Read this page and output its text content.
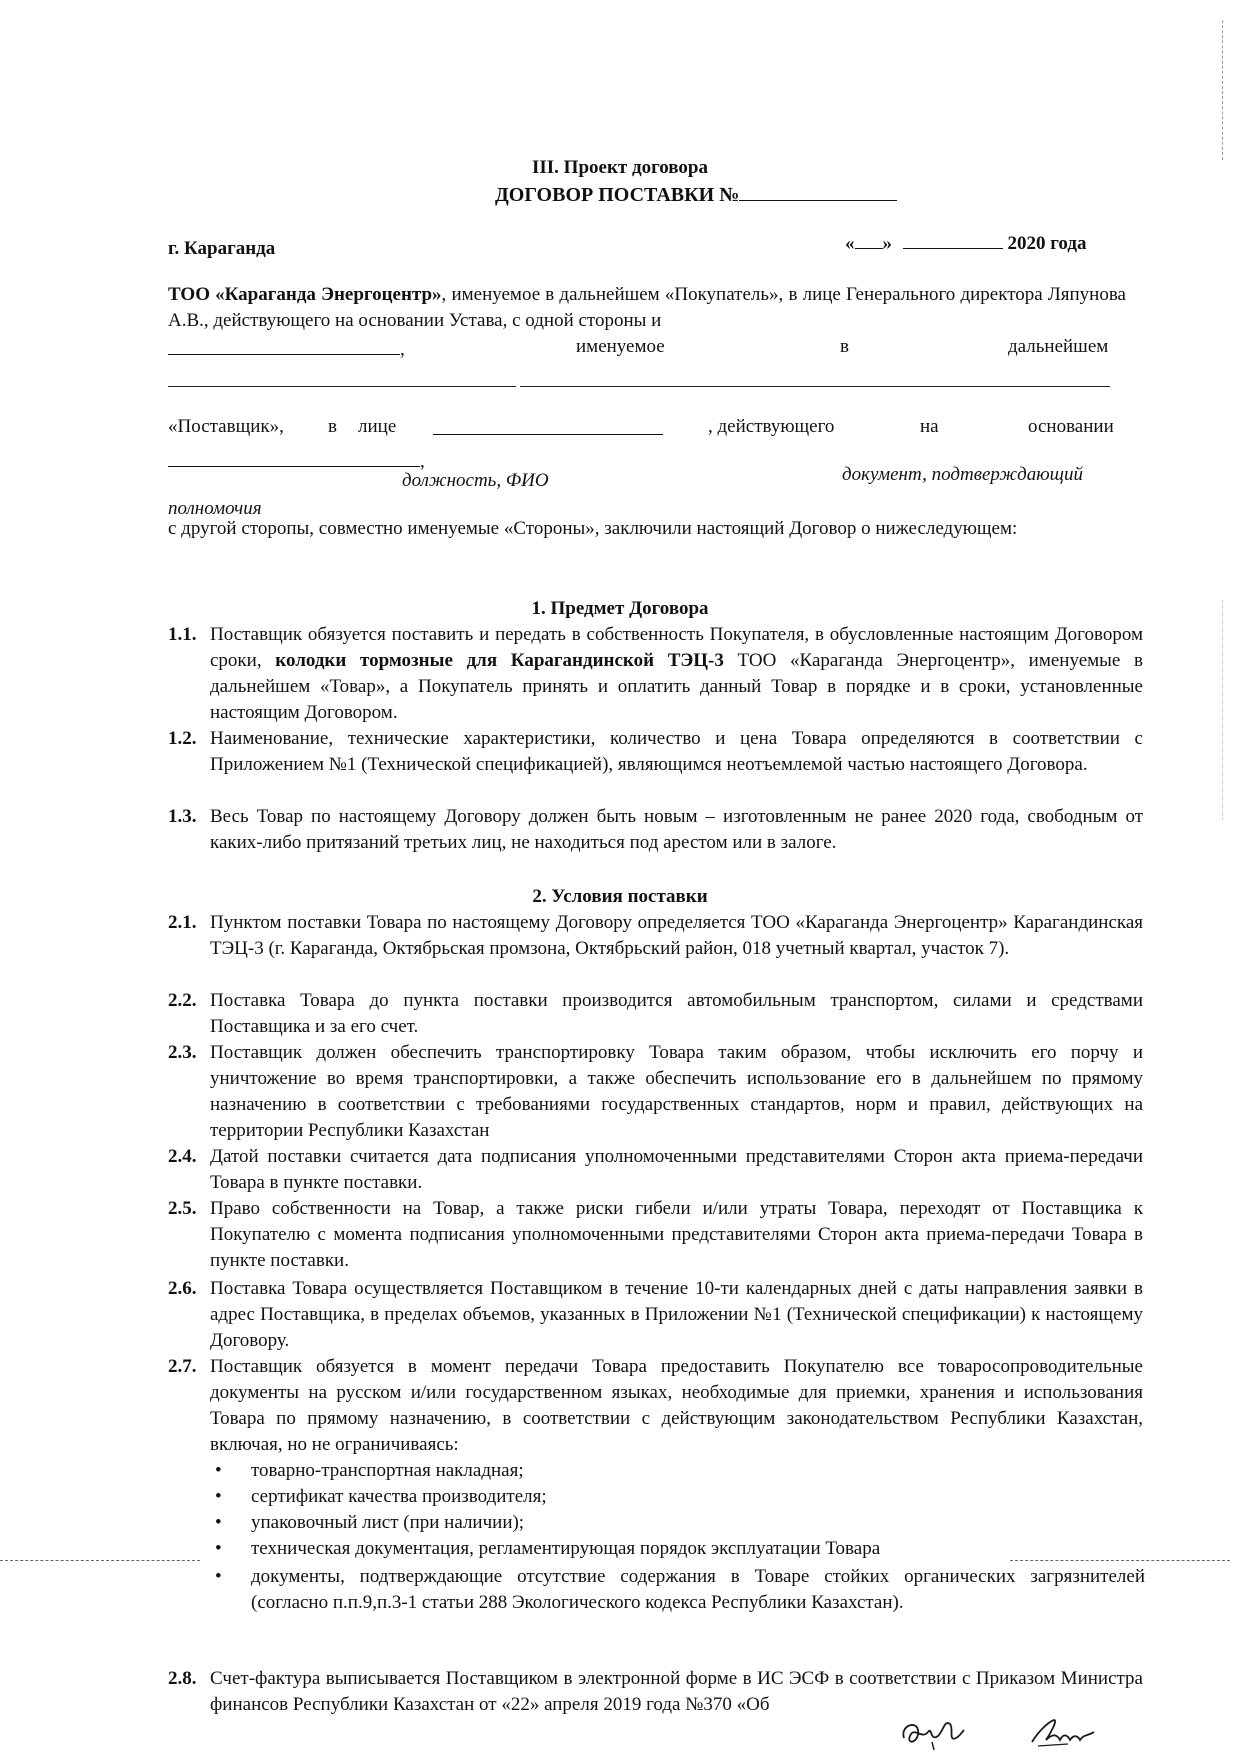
III. Проект договора
ДОГОВОР ПОСТАВКИ №
г. Караганда	« »	2020 года
ТОО «Караганда Энергоцентр», именуемое в дальнейшем «Покупатель», в лице Генерального директора Ляпунова А.В., действующего на основании Устава, с одной стороны и
,	именуемое	в	дальнейшем
«Поставщик», в лице	, действующего	на	основании
,
должность, ФИО	документ, подтверждающий
полномочия
с другой сторопы, совместно именуемые «Стороны», заключили настоящий Договор о нижеследующем:
1. Предмет Договора
1.1. Поставщик обязуется поставить и передать в собственность Покупателя, в обусловленные настоящим Договором сроки, колодки тормозные для Карагандинской ТЭЦ-3 ТОО «Караганда Энергоцентр», именуемые в дальнейшем «Товар», а Покупатель принять и оплатить данный Товар в порядке и в сроки, установленные настоящим Договором.
1.2. Наименование, технические характеристики, количество и цена Товара определяются в соответствии с Приложением №1 (Технической спецификацией), являющимся неотъемлемой частью настоящего Договора.
1.3. Весь Товар по настоящему Договору должен быть новым – изготовленным не ранее 2020 года, свободным от каких-либо притязаний третьих лиц, не находиться под арестом или в залоге.
2. Условия поставки
2.1. Пунктом поставки Товара по настоящему Договору определяется ТОО «Караганда Энергоцентр» Карагандинская ТЭЦ-3 (г. Караганда, Октябрьская промзона, Октябрьский район, 018 учетный квартал, участок 7).
2.2. Поставка Товара до пункта поставки производится автомобильным транспортом, силами и средствами Поставщика и за его счет.
2.3. Поставщик должен обеспечить транспортировку Товара таким образом, чтобы исключить его порчу и уничтожение во время транспортировки, а также обеспечить использование его в дальнейшем по прямому назначению в соответствии с требованиями государственных стандартов, норм и правил, действующих на территории Республики Казахстан
2.4. Датой поставки считается дата подписания уполномоченными представителями Сторон акта приема-передачи Товара в пункте поставки.
2.5. Право собственности на Товар, а также риски гибели и/или утраты Товара, переходят от Поставщика к Покупателю с момента подписания уполномоченными представителями Сторон акта приема-передачи Товара в пункте поставки.
2.6. Поставка Товара осуществляется Поставщиком в течение 10-ти календарных дней с даты направления заявки в адрес Поставщика, в пределах объемов, указанных в Приложении №1 (Технической спецификации) к настоящему Договору.
2.7. Поставщик обязуется в момент передачи Товара предоставить Покупателю все товаросопроводительные документы на русском и/или государственном языках, необходимые для приемки, хранения и использования Товара по прямому назначению, в соответствии с действующим законодательством Республики Казахстан, включая, но не ограничиваясь:
• товарно-транспортная накладная;
• сертификат качества производителя;
• упаковочный лист (при наличии);
• техническая документация, регламентирующая порядок эксплуатации Товара
• документы, подтверждающие отсутствие содержания в Товаре стойких органических загрязнителей (согласно п.п.9,п.3-1 статьи 288 Экологического кодекса Республики Казахстан).
2.8. Счет-фактура выписывается Поставщиком в электронной форме в ИС ЭСФ в соответствии с Приказом Министра финансов Республики Казахстан от «22» апреля 2019 года №370 «Об
